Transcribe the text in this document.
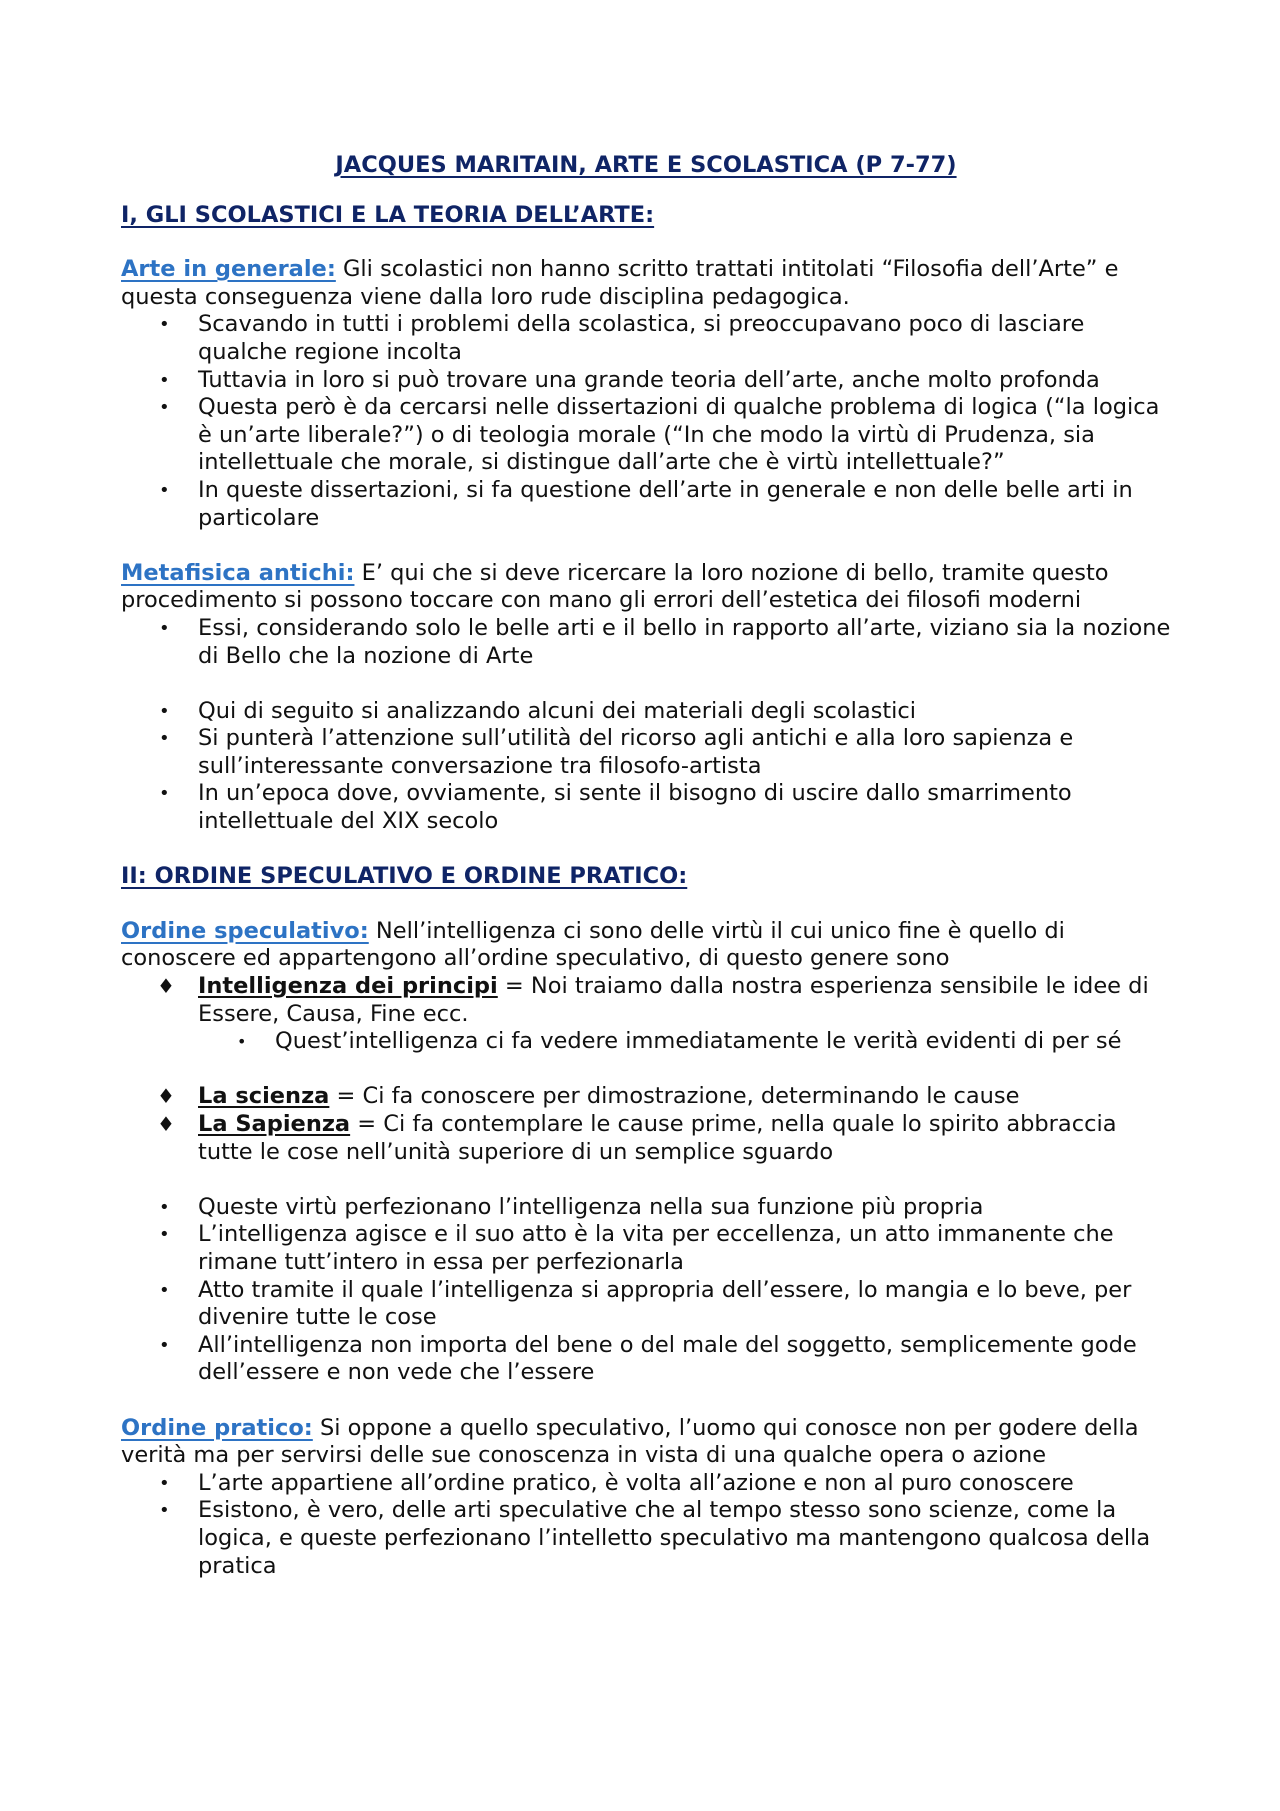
JACQUES MARITAIN, ARTE E SCOLASTICA (P 7-77)
I, GLI SCOLASTICI E LA TEORIA DELL’ARTE:

Arte in generale: Gli scolastici non hanno scritto trattati intitolati “Filosofia dell’Arte” e questa conseguenza viene dalla loro rude disciplina pedagogica.

• Scavando in tutti i problemi della scolastica, si preoccupavano poco di lasciare qualche regione incolta
• Tuttavia in loro si può trovare una grande teoria dell’arte, anche molto profonda
• Questa però è da cercarsi nelle dissertazioni di qualche problema di logica (“la logica è un’arte liberale?”) o di teologia morale (“In che modo la virtù di Prudenza, sia intellettuale che morale, si distingue dall’arte che è virtù intellettuale?”
• In queste dissertazioni, si fa questione dell’arte in generale e non delle belle arti in particolare

Metafisica antichi: E’ qui che si deve ricercare la loro nozione di bello, tramite questo procedimento si possono toccare con mano gli errori dell’estetica dei filosofi moderni

• Essi, considerando solo le belle arti e il bello in rapporto all’arte, viziano sia la nozione di Bello che la nozione di Arte
• Qui di seguito si analizzando alcuni dei materiali degli scolastici
• Si punterà l’attenzione sull’utilità del ricorso agli antichi e alla loro sapienza e sull’interessante conversazione tra filosofo-artista
• In un’epoca dove, ovviamente, si sente il bisogno di uscire dallo smarrimento intellettuale del XIX secolo
II: ORDINE SPECULATIVO E ORDINE PRATICO:

Ordine speculativo: Nell’intelligenza ci sono delle virtù il cui unico fine è quello di conoscere ed appartengono all’ordine speculativo, di questo genere sono

♦ Intelligenza dei principi = Noi traiamo dalla nostra esperienza sensibile le idee di Essere, Causa, Fine ecc.
• Quest’intelligenza ci fa vedere immediatamente le verità evidenti di per sé
♦ La scienza = Ci fa conoscere per dimostrazione, determinando le cause
♦ La Sapienza = Ci fa contemplare le cause prime, nella quale lo spirito abbraccia tutte le cose nell’unità superiore di un semplice sguardo
• Queste virtù perfezionano l’intelligenza nella sua funzione più propria
• L’intelligenza agisce e il suo atto è la vita per eccellenza, un atto immanente che rimane tutt’intero in essa per perfezionarla
• Atto tramite il quale l’intelligenza si appropria dell’essere, lo mangia e lo beve, per divenire tutte le cose
• All’intelligenza non importa del bene o del male del soggetto, semplicemente gode dell’essere e non vede che l’essere

Ordine pratico: Si oppone a quello speculativo, l’uomo qui conosce non per godere della verità ma per servirsi delle sue conoscenza in vista di una qualche opera o azione

• L’arte appartiene all’ordine pratico, è volta all’azione e non al puro conoscere
• Esistono, è vero, delle arti speculative che al tempo stesso sono scienze, come la logica, e queste perfezionano l’intelletto speculativo ma mantengono qualcosa della pratica
